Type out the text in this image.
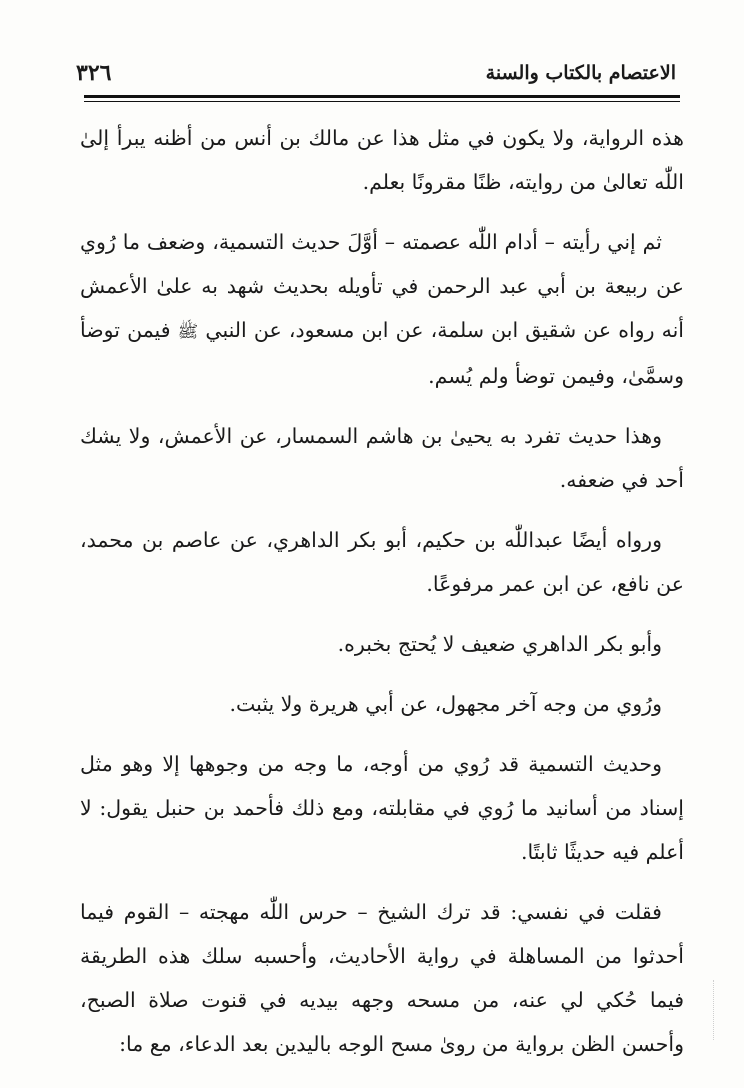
٣٢٦	الاعتصام بالكتاب والسنة

هذه الرواية، ولا يكون في مثل هذا عن مالك بن أنس من أظنه يبرأ إلىٰ اللّٰه تعالىٰ من روايته، ظنًا مقرونًا بعلم.

ثم إني رأيته – أدام اللّٰه عصمته – أوَّلَ حديث التسمية، وضعف ما رُوي عن ربيعة بن أبي عبد الرحمن في تأويله بحديث شهد به علىٰ الأعمش أنه رواه عن شقيق ابن سلمة، عن ابن مسعود، عن النبي ﷺ فيمن توضأ وسمَّىٰ، وفيمن توضأ ولم يُسم.

وهذا حديث تفرد به يحيىٰ بن هاشم السمسار، عن الأعمش، ولا يشك أحد في ضعفه.

ورواه أيضًا عبداللّٰه بن حكيم، أبو بكر الداهري، عن عاصم بن محمد، عن نافع، عن ابن عمر مرفوعًا.

وأبو بكر الداهري ضعيف لا يُحتج بخبره.

ورُوي من وجه آخر مجهول، عن أبي هريرة ولا يثبت.

وحديث التسمية قد رُوي من أوجه، ما وجه من وجوهها إلا وهو مثل إسناد من أسانيد ما رُوي في مقابلته، ومع ذلك فأحمد بن حنبل يقول: لا أعلم فيه حديثًا ثابتًا.

فقلت في نفسي: قد ترك الشيخ – حرس اللّٰه مهجته – القوم فيما أحدثوا من المساهلة في رواية الأحاديث، وأحسبه سلك هذه الطريقة فيما حُكي لي عنه، من مسحه وجهه بيديه في قنوت صلاة الصبح، وأحسن الظن برواية من روىٰ مسح الوجه باليدين بعد الدعاء، مع ما:
